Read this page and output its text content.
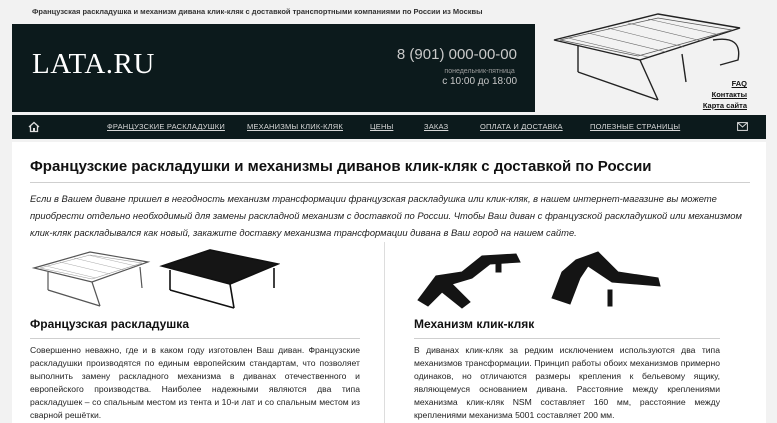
Французская раскладушка и механизм дивана клик-кляк с доставкой транспортными компаниями по России из Москвы
LATA.RU	8 (901) 000-00-00
понедельник-пятница
с 10:00 до 18:00	FAQ
Контакты
Карта сайта
ФРАНЦУЗСКИЕ РАСКЛАДУШКИ	МЕХАНИЗМЫ КЛИК-КЛЯК	ЦЕНЫ	ЗАКАЗ	ОПЛАТА И ДОСТАВКА	ПОЛЕЗНЫЕ СТРАНИЦЫ
Французские раскладушки и механизмы диванов клик-кляк с доставкой по России
Если в Вашем диване пришел в негодность механизм трансформации французская раскладушка или клик-кляк, в нашем интернет-магазине вы можете приобрести отдельно необходимый для замены раскладной механизм с доставкой по России. Чтобы Ваш диван с французской раскладушкой или механизмом клик-кляк раскладывался как новый, закажите доставку механизма трансформации дивана в Ваш город на нашем сайте.
Французская раскладушка
Совершенно неважно, где и в каком году изготовлен Ваш диван. Французские раскладушки производятся по единым европейским стандартам, что позволяет выполнить замену раскладного механизма в диванах отечественного и европейского производства. Наиболее надежными являются два типа раскладушек – со спальным местом из тента и 10-и лат и со спальным местом из сварной решётки.
Механизм клик-кляк
В диванах клик-кляк за редким исключением используются два типа механизмов трансформации. Принцип работы обоих механизмов примерно одинаков, но отличаются размеры крепления к бельевому ящику, являющемуся основанием дивана. Расстояние между креплениями механизма клик-кляк NSM составляет 160 мм, расстояние между креплениями механизма 5001 составляет 200 мм.
